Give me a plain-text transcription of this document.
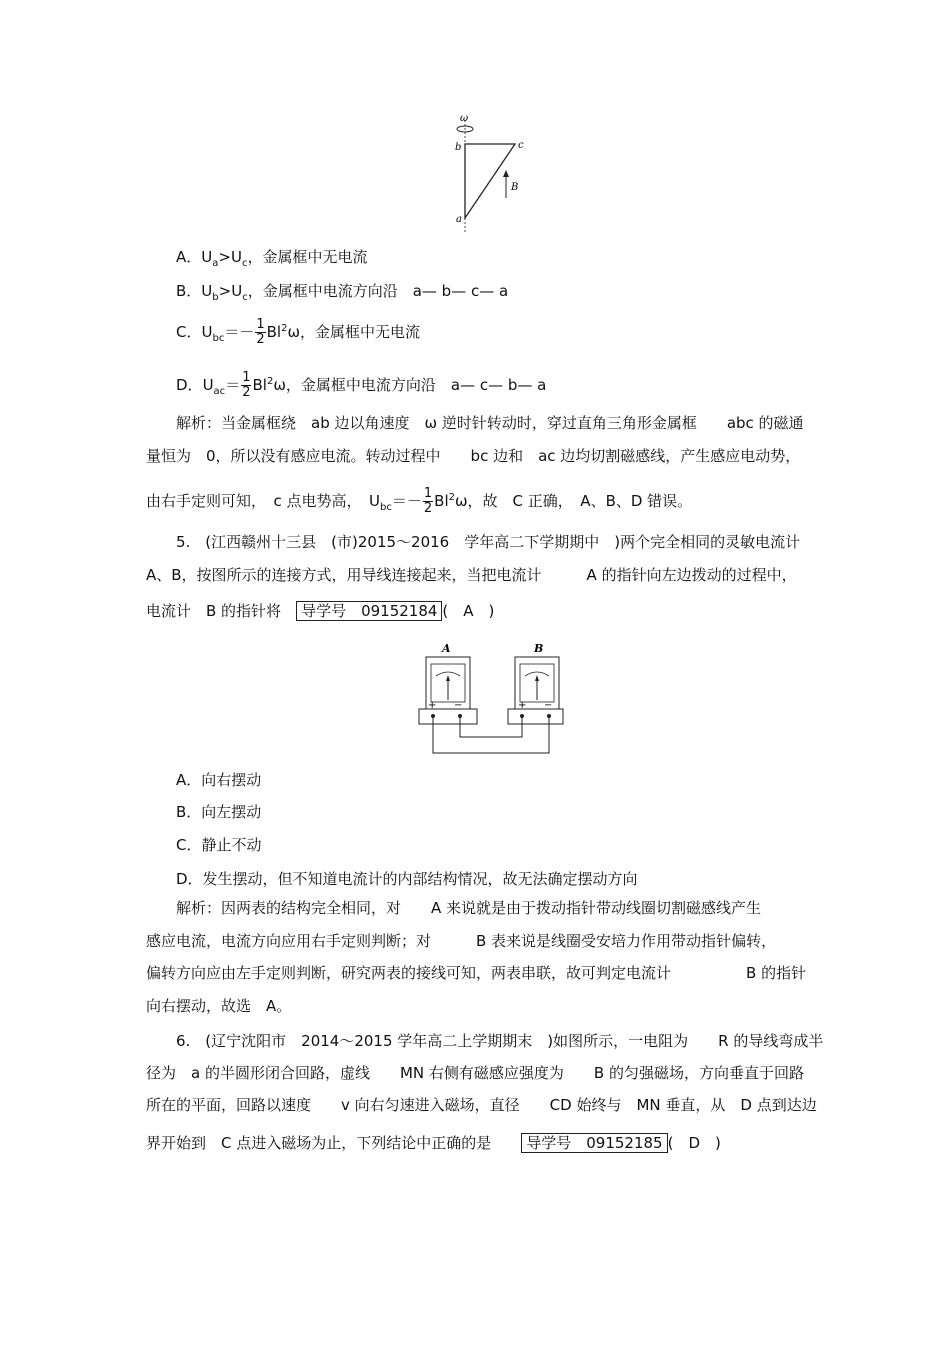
ω
b	c
a
B
A．$U_a>U_c$，金属框中无电流
B．$U_b>U_c$，金属框中电流方向沿　a— b— c— a
C．$U_{bc}=- \frac{1}{2} Bl^2\omega$，金属框中无电流
D．$U_{ac}= \frac{1}{2} Bl^2\omega$，金属框中电流方向沿　a— c— b— a
解析：当金属框绕　ab 边以角速度　ω 逆时针转动时，穿过直角三角形金属框　　abc 的磁通
量恒为　0，所以没有感应电流。转动过程中　　bc 边和　ac 边均切割磁感线，产生感应电动势，
由右手定则可知，　c 点电势高，　$U_{bc}=- \frac{1}{2} Bl^2\omega$，故　C 正确，　A、B、D 错误。
5.　(江西赣州十三县　(市)2015～2016　学年高二下学期期中　)两个完全相同的灵敏电流计
A、B，按图所示的连接方式，用导线连接起来，当把电流计　　　A 的指针向左边拨动的过程中，
电流计　B 的指针将　导学号　09152184 (　A　)
A	B
+ −	+ −
A．向右摆动
B．向左摆动
C．静止不动
D．发生摆动，但不知道电流计的内部结构情况，故无法确定摆动方向
解析：因两表的结构完全相同，对　　A 来说就是由于拨动指针带动线圈切割磁感线产生
感应电流，电流方向应用右手定则判断；对　　　B 表来说是线圈受安培力作用带动指针偏转，
偏转方向应由左手定则判断，研究两表的接线可知，两表串联，故可判定电流计　　　　　B 的指针
向右摆动，故选　A。
6.　(辽宁沈阳市　2014～2015 学年高二上学期期末　)如图所示，一电阻为　　R 的导线弯成半
径为　a 的半圆形闭合回路，虚线　　MN 右侧有磁感应强度为　　B 的匀强磁场，方向垂直于回路
所在的平面，回路以速度　　v 向右匀速进入磁场，直径　　CD 始终与　MN 垂直，从　D 点到达边
界开始到　C 点进入磁场为止，下列结论中正确的是　　导学号　09152185 (　D　)
